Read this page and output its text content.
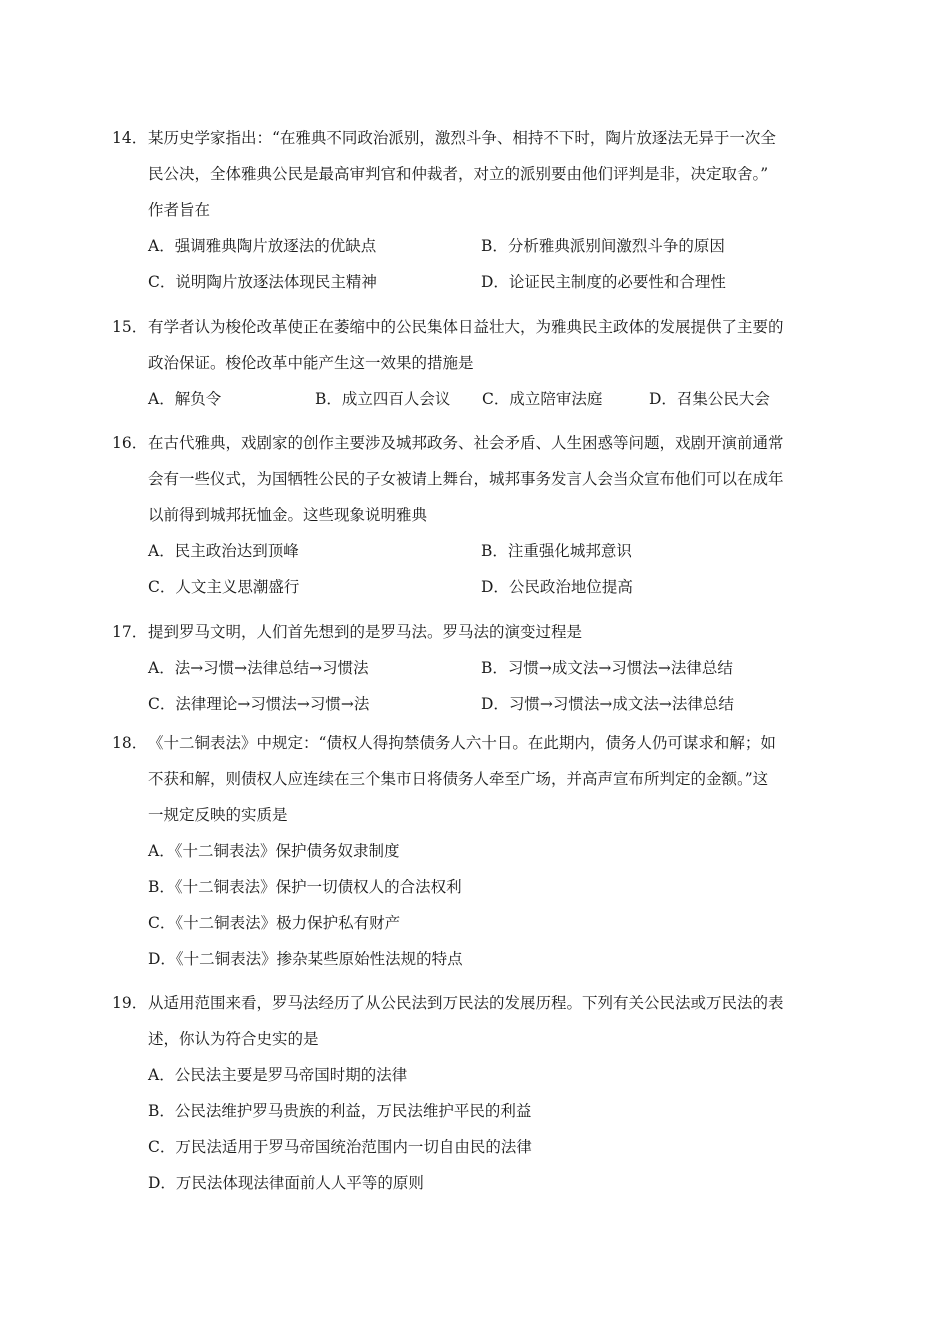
14．某历史学家指出：“在雅典不同政治派别，激烈斗争、相持不下时，陶片放逐法无异于一次全
民公决，全体雅典公民是最高审判官和仲裁者，对立的派别要由他们评判是非，决定取舍。”
作者旨在
A．强调雅典陶片放逐法的优缺点	B．分析雅典派别间激烈斗争的原因
C．说明陶片放逐法体现民主精神	D．论证民主制度的必要性和合理性
15．有学者认为梭伦改革使正在萎缩中的公民集体日益壮大，为雅典民主政体的发展提供了主要的
政治保证。梭伦改革中能产生这一效果的措施是
A．解负令	B．成立四百人会议	C．成立陪审法庭	D．召集公民大会
16．在古代雅典，戏剧家的创作主要涉及城邦政务、社会矛盾、人生困惑等问题，戏剧开演前通常
会有一些仪式，为国牺牲公民的子女被请上舞台，城邦事务发言人会当众宣布他们可以在成年
以前得到城邦抚恤金。这些现象说明雅典
A．民主政治达到顶峰	B．注重强化城邦意识
C．人文主义思潮盛行	D．公民政治地位提高
17．提到罗马文明，人们首先想到的是罗马法。罗马法的演变过程是
A．法→习惯→法律总结→习惯法	B．习惯→成文法→习惯法→法律总结
C．法律理论→习惯法→习惯→法	D．习惯→习惯法→成文法→法律总结
18．《十二铜表法》中规定：“债权人得拘禁债务人六十日。在此期内，债务人仍可谋求和解；如
不获和解，则债权人应连续在三个集市日将债务人牵至广场，并高声宣布所判定的金额。”这
一规定反映的实质是
A．《十二铜表法》保护债务奴隶制度
B．《十二铜表法》保护一切债权人的合法权利
C．《十二铜表法》极力保护私有财产
D．《十二铜表法》掺杂某些原始性法规的特点
19．从适用范围来看，罗马法经历了从公民法到万民法的发展历程。下列有关公民法或万民法的表
述，你认为符合史实的是
A．公民法主要是罗马帝国时期的法律
B．公民法维护罗马贵族的利益，万民法维护平民的利益
C．万民法适用于罗马帝国统治范围内一切自由民的法律
D．万民法体现法律面前人人平等的原则
